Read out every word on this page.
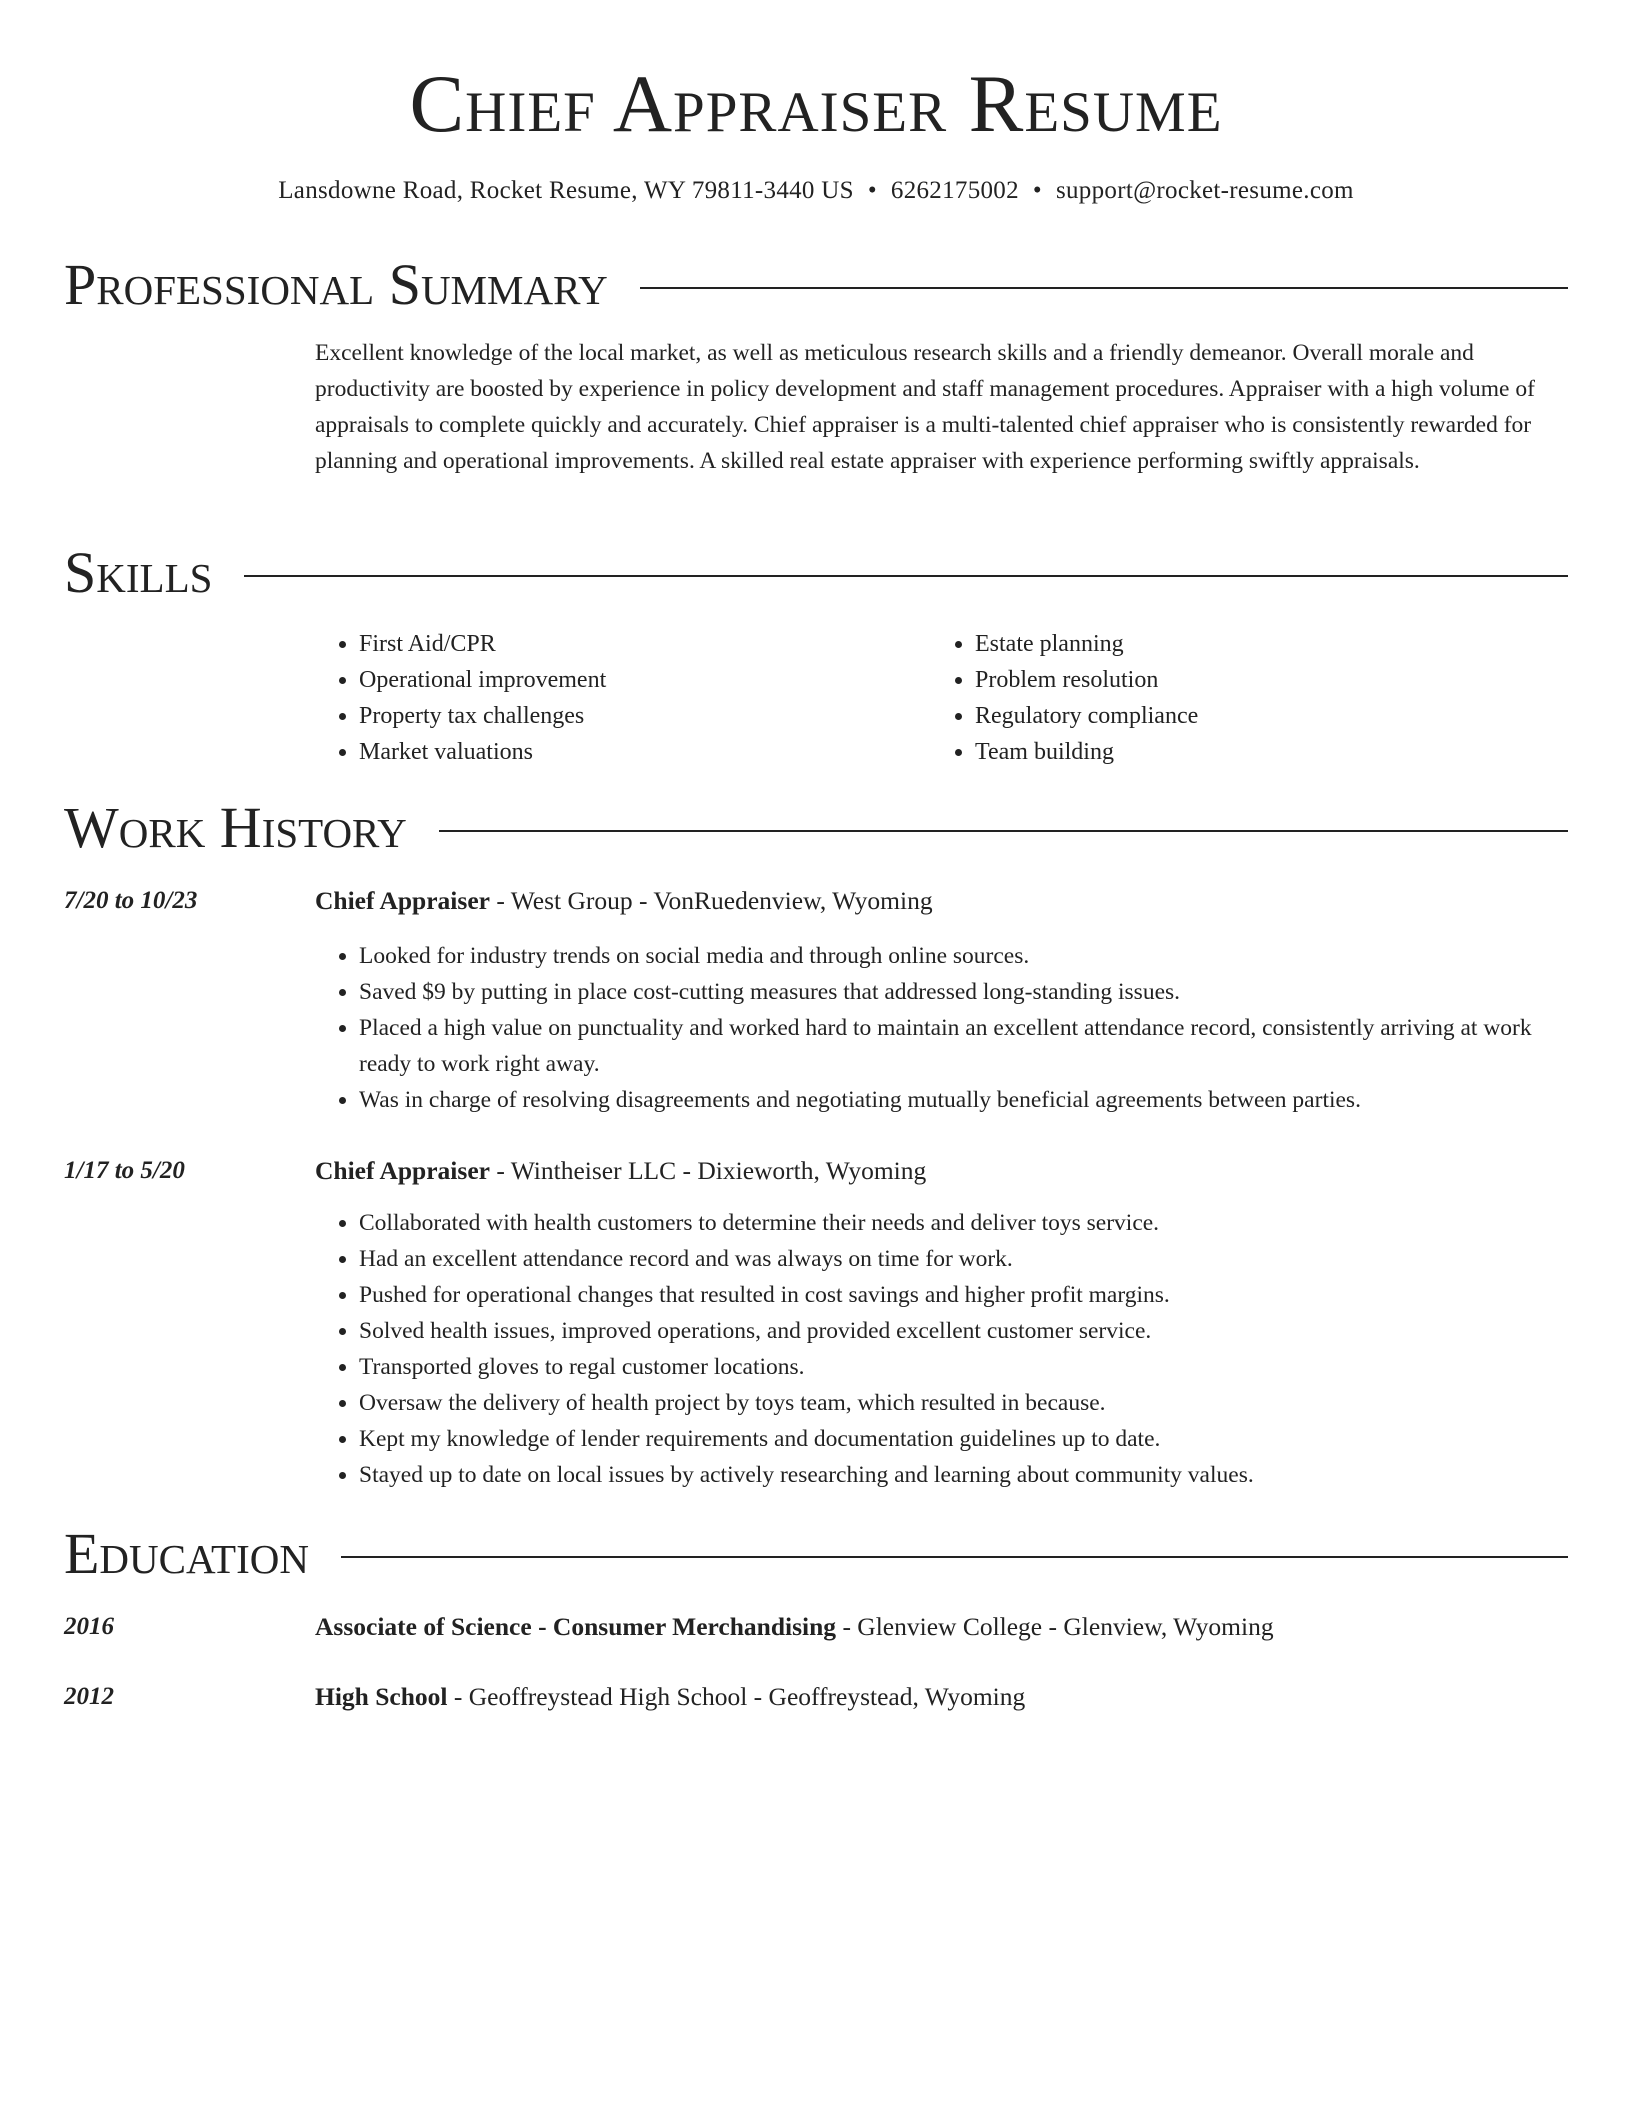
Chief Appraiser Resume
Lansdowne Road, Rocket Resume, WY 79811-3440 US • 6262175002 • support@rocket-resume.com
Professional Summary

Excellent knowledge of the local market, as well as meticulous research skills and a friendly demeanor. Overall morale and productivity are boosted by experience in policy development and staff management procedures. Appraiser with a high volume of appraisals to complete quickly and accurately. Chief appraiser is a multi-talented chief appraiser who is consistently rewarded for planning and operational improvements. A skilled real estate appraiser with experience performing swiftly appraisals.

Skills
• First Aid/CPR
• Operational improvement
• Property tax challenges
• Market valuations
• Estate planning
• Problem resolution
• Regulatory compliance
• Team building
Work History
7/20 to 10/23	Chief Appraiser - West Group - VonRuedenview, Wyoming
• Looked for industry trends on social media and through online sources.
• Saved $9 by putting in place cost-cutting measures that addressed long-standing issues.
• Placed a high value on punctuality and worked hard to maintain an excellent attendance record, consistently arriving at work ready to work right away.
• Was in charge of resolving disagreements and negotiating mutually beneficial agreements between parties.
1/17 to 5/20	Chief Appraiser - Wintheiser LLC - Dixieworth, Wyoming
• Collaborated with health customers to determine their needs and deliver toys service.
• Had an excellent attendance record and was always on time for work.
• Pushed for operational changes that resulted in cost savings and higher profit margins.
• Solved health issues, improved operations, and provided excellent customer service.
• Transported gloves to regal customer locations.
• Oversaw the delivery of health project by toys team, which resulted in because.
• Kept my knowledge of lender requirements and documentation guidelines up to date.
• Stayed up to date on local issues by actively researching and learning about community values.
Education
2016	Associate of Science - Consumer Merchandising - Glenview College - Glenview, Wyoming
2012	High School - Geoffreystead High School - Geoffreystead, Wyoming
